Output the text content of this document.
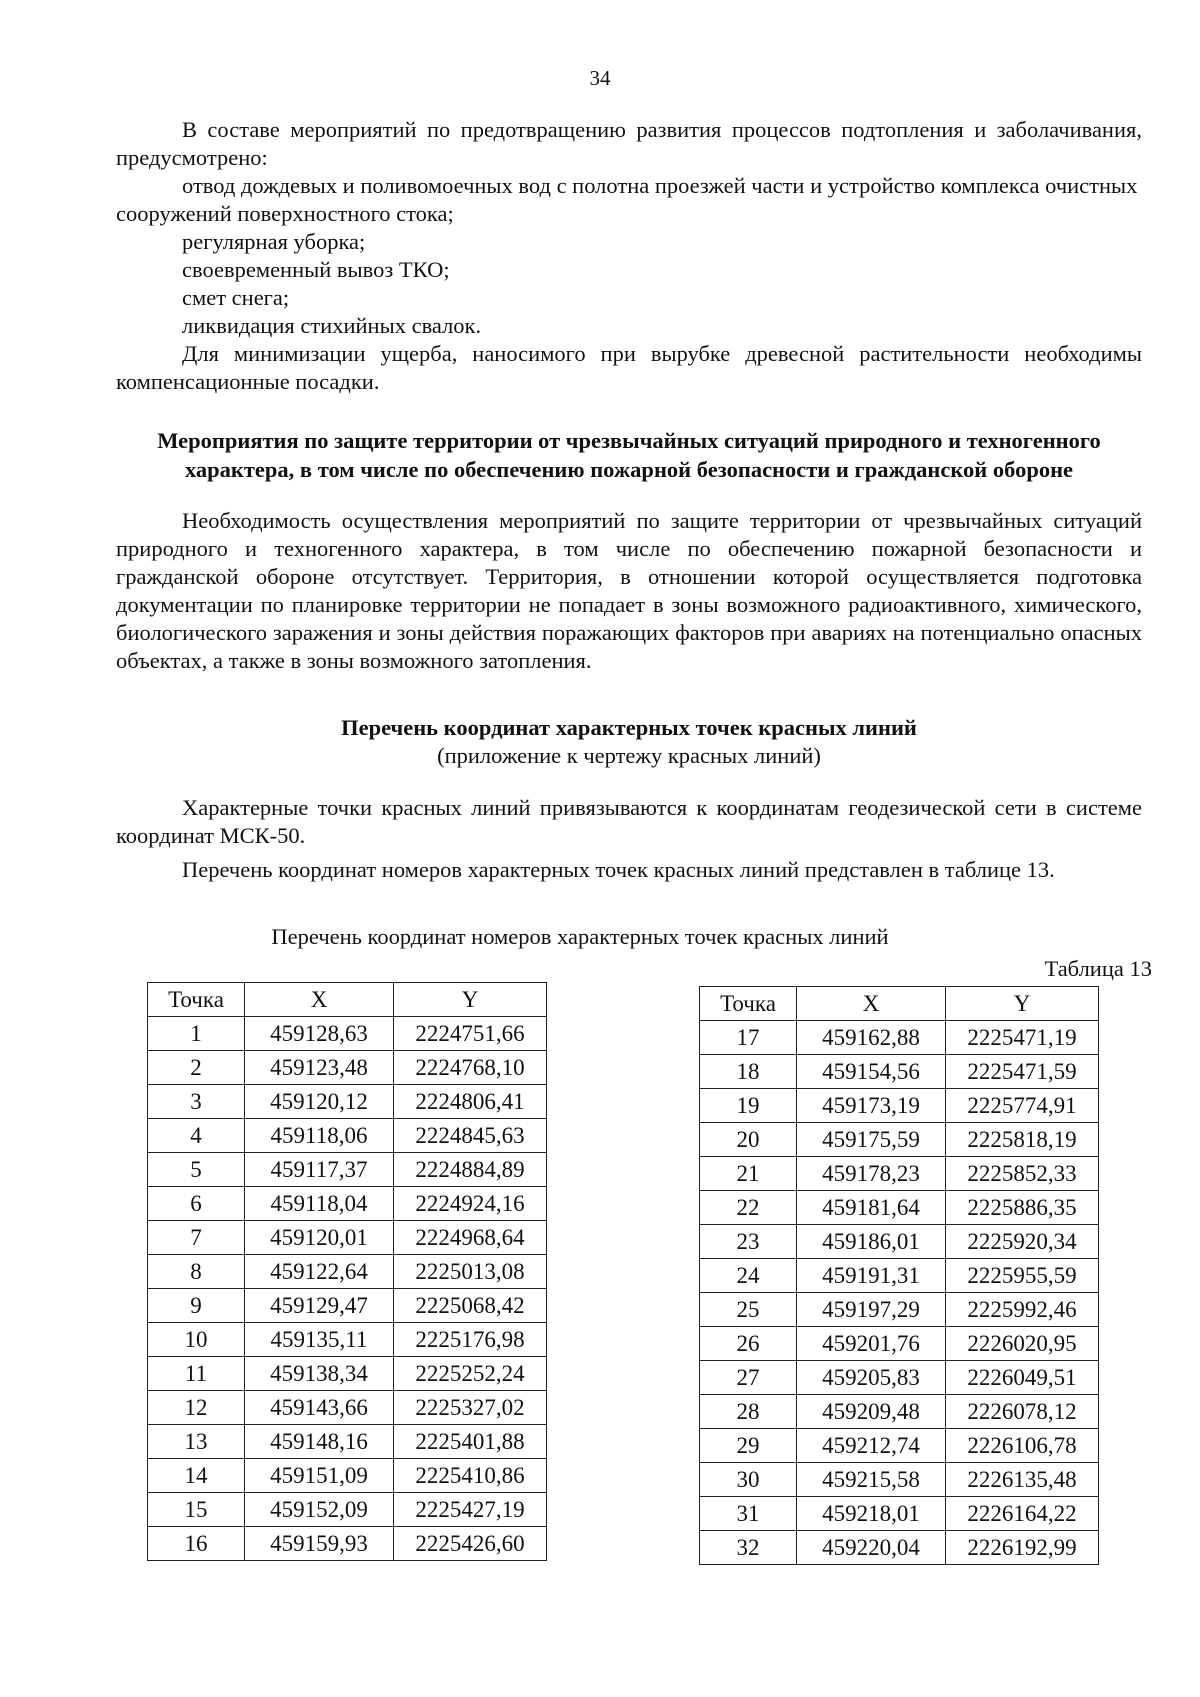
34

В составе мероприятий по предотвращению развития процессов подтопления и заболачивания, предусмотрено:

отвод дождевых и поливомоечных вод с полотна проезжей части и устройство комплекса очистных сооружений поверхностного стока;

регулярная уборка;

своевременный вывоз ТКО;

смет снега;

ликвидация стихийных свалок.

Для минимизации ущерба, наносимого при вырубке древесной растительности необходимы компенсационные посадки.

Мероприятия по защите территории от чрезвычайных ситуаций природного и техногенного характера, в том числе по обеспечению пожарной безопасности и гражданской обороне

Необходимость осуществления мероприятий по защите территории от чрезвычайных ситуаций природного и техногенного характера, в том числе по обеспечению пожарной безопасности и гражданской обороне отсутствует. Территория, в отношении которой осуществляется подготовка документации по планировке территории не попадает в зоны возможного радиоактивного, химического, биологического заражения и зоны действия поражающих факторов при авариях на потенциально опасных объектах, а также в зоны возможного затопления.

Перечень координат характерных точек красных линий

(приложение к чертежу красных линий)

Характерные точки красных линий привязываются к координатам геодезической сети в системе координат МСК-50.

Перечень координат номеров характерных точек красных линий представлен в таблице 13.

Перечень координат номеров характерных точек красных линий
Таблица 13
Точка	X	Y
1	459128,63	2224751,66
2	459123,48	2224768,10
3	459120,12	2224806,41
4	459118,06	2224845,63
5	459117,37	2224884,89
6	459118,04	2224924,16
7	459120,01	2224968,64
8	459122,64	2225013,08
9	459129,47	2225068,42
10	459135,11	2225176,98
11	459138,34	2225252,24
12	459143,66	2225327,02
13	459148,16	2225401,88
14	459151,09	2225410,86
15	459152,09	2225427,19
16	459159,93	2225426,60
Точка	X	Y
17	459162,88	2225471,19
18	459154,56	2225471,59
19	459173,19	2225774,91
20	459175,59	2225818,19
21	459178,23	2225852,33
22	459181,64	2225886,35
23	459186,01	2225920,34
24	459191,31	2225955,59
25	459197,29	2225992,46
26	459201,76	2226020,95
27	459205,83	2226049,51
28	459209,48	2226078,12
29	459212,74	2226106,78
30	459215,58	2226135,48
31	459218,01	2226164,22
32	459220,04	2226192,99
